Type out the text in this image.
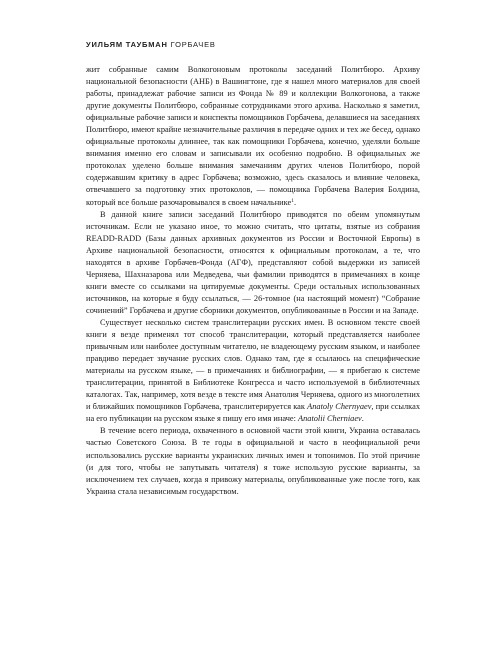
УИЛЬЯМ ТАУБМАН ГОРБАЧЕВ

жит собранные самим Волкогоновым протоколы заседаний Политбюро. Архиву национальной безопасности (АНБ) в Вашингтоне, где я нашел много материалов для своей работы, принадлежат рабочие записи из Фонда № 89 и коллекции Волкогонова, а также другие документы Политбюро, собранные сотрудниками этого архива. Насколько я заметил, официальные рабочие записи и конспекты помощников Горбачева, делавшиеся на заседаниях Политбюро, имеют крайне незначительные различия в передаче одних и тех же бесед, однако официальные протоколы длиннее, так как помощники Горбачева, конечно, уделяли больше внимания именно его словам и записывали их особенно подробно. В официальных же протоколах уделено больше внимания замечаниям других членов Политбюро, порой содержавшим критику в адрес Горбачева; возможно, здесь сказалось и влияние человека, отвечавшего за подготовку этих протоколов, — помощника Горбачева Валерия Болдина, который все больше разочаровывался в своем начальнике$^1$.

В данной книге записи заседаний Политбюро приводятся по обеим упомянутым источникам. Если не указано иное, то можно считать, что цитаты, взятые из собрания READD-RADD (Базы данных архивных документов из России и Восточной Европы) в Архиве национальной безопасности, относятся к официальным протоколам, а те, что находятся в архиве Горбачев-Фонда (АГФ), представляют собой выдержки из записей Черняева, Шахназарова или Медведева, чьи фамилии приводятся в примечаниях в конце книги вместе со ссылками на цитируемые документы. Среди остальных использованных источников, на которые я буду ссылаться, — 26-томное (на настоящий момент) “Собрание сочинений” Горбачева и другие сборники документов, опубликованные в России и на Западе.

Существует несколько систем транслитерации русских имен. В основном тексте своей книги я везде применял тот способ транслитерации, который представляется наиболее привычным или наиболее доступным читателю, не владеющему русским языком, и наиболее правдиво передает звучание русских слов. Однако там, где я ссылаюсь на специфические материалы на русском языке, — в примечаниях и библиографии, — я прибегаю к системе транслитерации, принятой в Библиотеке Конгресса и часто используемой в библиотечных каталогах. Так, например, хотя везде в тексте имя Анатолия Черняева, одного из многолетних и ближайших помощников Горбачева, транслитерируется как Anatoly Chernyaev, при ссылках на его публикации на русском языке я пишу его имя иначе: Anatolii Cherniaev.

В течение всего периода, охваченного в основной части этой книги, Украина оставалась частью Советского Союза. В те годы в официальной и часто в неофициальной речи использовались русские варианты украинских личных имен и топонимов. По этой причине (и для того, чтобы не запутывать читателя) я тоже использую русские варианты, за исключением тех случаев, когда я привожу материалы, опубликованные уже после того, как Украина стала независимым государством.
